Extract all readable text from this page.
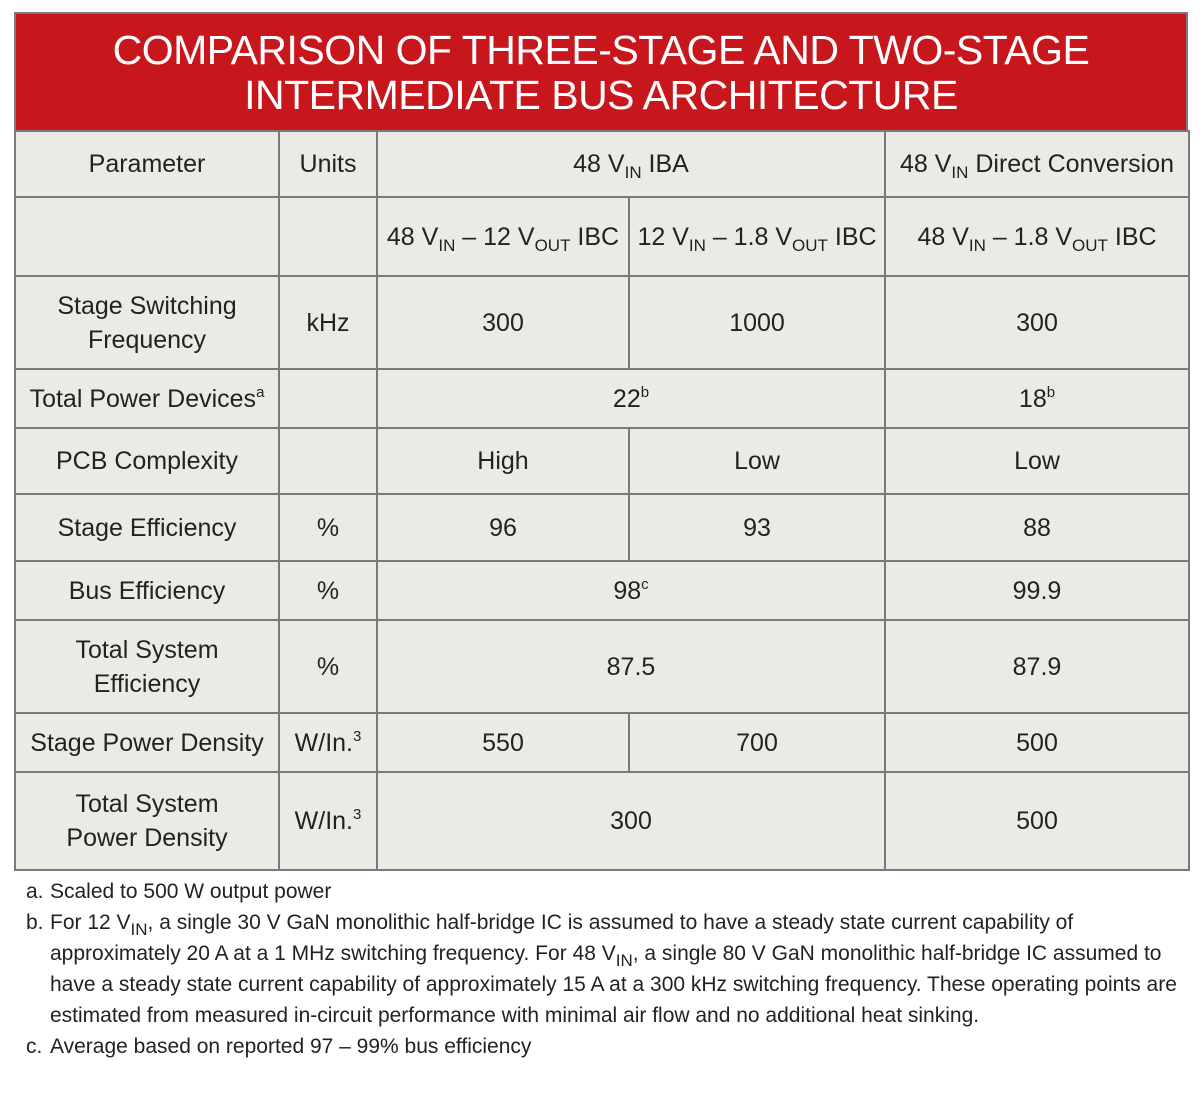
COMPARISON OF THREE-STAGE AND TWO-STAGE
INTERMEDIATE BUS ARCHITECTURE
Parameter	Units	48 $V_{IN}$ IBA		48 $V_{IN}$ Direct Conversion
		48 $V_{IN} - 12$ $V_{OUT}$ IBC	12 $V_{IN} - 1.8$ $V_{OUT}$ IBC	48 $V_{IN} - 1.8$ $V_{OUT}$ IBC

Stage Switching
Frequency	kHz	300	1000	300
Total Power Devices$^a$		22$^b$		18$^b$
PCB Complexity		High	Low	Low
Stage Efficiency	%	96	93	88
Bus Efficiency	%	98$^c$		99.9

Total System
Efficiency	%	87.5		87.9
Stage Power Density	W/In.$^3$	550	700	500

Total System
Power Density	W/In.$^3$	300		500
a. Scaled to 500 W output power
b. For 12 $V_{IN}$, a single 30 V GaN monolithic half-bridge IC is assumed to have a steady state current capability of approximately 20 A at a 1 MHz switching frequency. For 48 $V_{IN}$, a single 80 V GaN monolithic half-bridge IC assumed to have a steady state current capability of approximately 15 A at a 300 kHz switching frequency. These operating points are estimated from measured in-circuit performance with minimal air flow and no additional heat sinking.
c. Average based on reported 97 – 99% bus efficiency
